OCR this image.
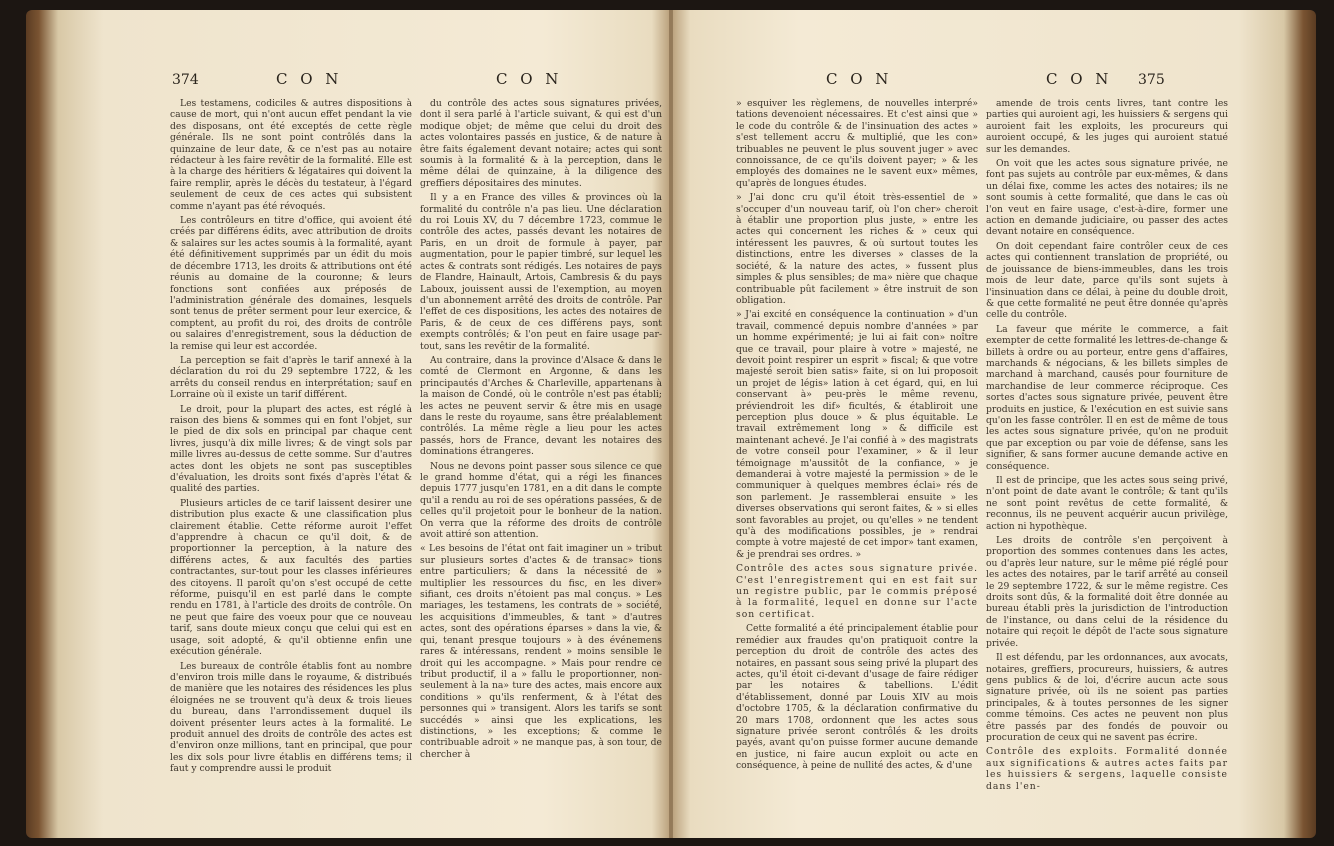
374	C O N	C O N

Les testamens, codiciles & autres dispositions à cause de mort, qui n'ont aucun effet pendant la vie des disposans, ont été exceptés de cette règle générale. Ils ne sont point contrôlés dans la quinzaine de leur date, & ce n'est pas au notaire rédacteur à les faire revêtir de la formalité. Elle est à la charge des héritiers & légataires qui doivent la faire remplir, après le décès du testateur, à l'égard seulement de ceux de ces actes qui subsistent comme n'ayant pas été révoqués.

Les contrôleurs en titre d'office, qui avoient été créés par différens édits, avec attribution de droits & salaires sur les actes soumis à la formalité, ayant été définitivement supprimés par un édit du mois de décembre 1713, les droits & attributions ont été réunis au domaine de la couronne; & leurs fonctions sont confiées aux préposés de l'administration générale des domaines, lesquels sont tenus de prêter serment pour leur exercice, & comptent, au profit du roi, des droits de contrôle ou salaires d'enregistrement, sous la déduction de la remise qui leur est accordée.

La perception se fait d'après le tarif annexé à la déclaration du roi du 29 septembre 1722, & les arrêts du conseil rendus en interprétation; sauf en Lorraine où il existe un tarif différent.

Le droit, pour la plupart des actes, est réglé à raison des biens & sommes qui en font l'objet, sur le pied de dix sols en principal par chaque cent livres, jusqu'à dix mille livres; & de vingt sols par mille livres au-dessus de cette somme. Sur d'autres actes dont les objets ne sont pas susceptibles d'évaluation, les droits sont fixés d'après l'état & qualité des parties.

Plusieurs articles de ce tarif laissent desirer une distribution plus exacte & une classification plus clairement établie. Cette réforme auroit l'effet d'apprendre à chacun ce qu'il doit, & de proportionner la perception, à la nature des différens actes, & aux facultés des parties contractantes, sur-tout pour les classes inférieures des citoyens. Il paroît qu'on s'est occupé de cette réforme, puisqu'il en est parlé dans le compte rendu en 1781, à l'article des droits de contrôle. On ne peut que faire des voeux pour que ce nouveau tarif, sans doute mieux conçu que celui qui est en usage, soit adopté, & qu'il obtienne enfin une exécution générale.

Les bureaux de contrôle établis font au nombre d'environ trois mille dans le royaume, & distribués de manière que les notaires des résidences les plus éloignées ne se trouvent qu'à deux & trois lieues du bureau, dans l'arrondissement duquel ils doivent présenter leurs actes à la formalité. Le produit annuel des droits de contrôle des actes est d'environ onze millions, tant en principal, que pour les dix sols pour livre établis en différens tems; il faut y comprendre aussi le produit

du contrôle des actes sous signatures privées, dont il sera parlé à l'article suivant, & qui est d'un modique objet; de même que celui du droit des actes volontaires passés en justice, & de nature à être faits également devant notaire; actes qui sont soumis à la formalité & à la perception, dans le même délai de quinzaine, à la diligence des greffiers dépositaires des minutes.

Il y a en France des villes & provinces où la formalité du contrôle n'a pas lieu. Une déclaration du roi Louis XV, du 7 décembre 1723, commue le contrôle des actes, passés devant les notaires de Paris, en un droit de formule à payer, par augmentation, pour le papier timbré, sur lequel les actes & contrats sont rédigés. Les notaires de pays de Flandre, Hainault, Artois, Cambresis & du pays Laboux, jouissent aussi de l'exemption, au moyen d'un abonnement arrêté des droits de contrôle. Par l'effet de ces dispositions, les actes des notaires de Paris, & de ceux de ces différens pays, sont exempts contrôlés; & l'on peut en faire usage par-tout, sans les revêtir de la formalité.

Au contraire, dans la province d'Alsace & dans le comté de Clermont en Argonne, & dans les principautés d'Arches & Charleville, appartenans à la maison de Condé, où le contrôle n'est pas établi; les actes ne peuvent servir & être mis en usage dans le reste du royaume, sans être préalablement contrôlés. La même règle a lieu pour les actes passés, hors de France, devant les notaires des dominations étrangeres.

Nous ne devons point passer sous silence ce que le grand homme d'état, qui a régi les finances depuis 1777 jusqu'en 1781, en a dit dans le compte qu'il a rendu au roi de ses opérations passées, & de celles qu'il projetoit pour le bonheur de la nation. On verra que la réforme des droits de contrôle avoit attiré son attention.

« Les besoins de l'état ont fait imaginer un » tribut sur plusieurs sortes d'actes & de transac» tions entre particuliers; & dans la nécessité de » multiplier les ressources du fisc, en les diver» sifiant, ces droits n'étoient pas mal conçus. » Les mariages, les testamens, les contrats de » société, les acquisitions d'immeubles, & tant » d'autres actes, sont des opérations éparses » dans la vie, & qui, tenant presque toujours » à des événemens rares & intéressans, rendent » moins sensible le droit qui les accompagne. » Mais pour rendre ce tribut productif, il a » fallu le proportionner, non-seulement à la na» ture des actes, mais encore aux conditions » qu'ils renferment, & à l'état des personnes qui » transigent. Alors les tarifs se sont succédés » ainsi que les explications, les distinctions, » les exceptions; & comme le contribuable adroit » ne manque pas, à son tour, de chercher à

C O N	C O N 375

» esquiver les règlemens, de nouvelles interpré» tations devenoient nécessaires. Et c'est ainsi que » le code du contrôle & de l'insinuation des actes » s'est tellement accru & multiplié, que les con» tribuables ne peuvent le plus souvent juger » avec connoissance, de ce qu'ils doivent payer; » & les employés des domaines ne le savent eux» mêmes, qu'après de longues études.

» J'ai donc cru qu'il étoit très-essentiel de » s'occuper d'un nouveau tarif, où l'on cher» cheroit à établir une proportion plus juste, » entre les actes qui concernent les riches & » ceux qui intéressent les pauvres, & où surtout toutes les distinctions, entre les diverses » classes de la société, & la nature des actes, » fussent plus simples & plus sensibles; de ma» nière que chaque contribuable pût facilement » être instruit de son obligation.

» J'ai excité en conséquence la continuation » d'un travail, commencé depuis nombre d'années » par un homme expérimenté; je lui ai fait con» noître que ce travail, pour plaire à votre » majesté, ne devoit point respirer un esprit » fiscal; & que votre majesté seroit bien satis» faite, si on lui proposoit un projet de légis» lation à cet égard, qui, en lui conservant à» peu-près le même revenu, préviendroit les dif» ficultés, & établiroit une perception plus douce » & plus équitable. Le travail extrêmement long » & difficile est maintenant achevé. Je l'ai confié à » des magistrats de votre conseil pour l'examiner, » & il leur témoignage m'aussitôt de la confiance, » je demanderai à votre majesté la permission » de le communiquer à quelques membres éclai» rés de son parlement. Je rassemblerai ensuite » les diverses observations qui seront faites, & » si elles sont favorables au projet, ou qu'elles » ne tendent qu'à des modifications possibles, je » rendrai compte à votre majesté de cet impor» tant examen, & je prendrai ses ordres. »

Contrôle des actes sous signature privée. C'est l'enregistrement qui en est fait sur un registre public, par le commis préposé à la formalité, lequel en donne sur l'acte son certificat.

Cette formalité a été principalement établie pour remédier aux fraudes qu'on pratiquoit contre la perception du droit de contrôle des actes des notaires, en passant sous seing privé la plupart des actes, qu'il étoit ci-devant d'usage de faire rédiger par les notaires & tabellions. L'édit d'établissement, donné par Louis XIV au mois d'octobre 1705, & la déclaration confirmative du 20 mars 1708, ordonnent que les actes sous signature privée seront contrôlés & les droits payés, avant qu'on puisse former aucune demande en justice, ni faire aucun exploit ou acte en conséquence, à peine de nullité des actes, & d'une

amende de trois cents livres, tant contre les parties qui auroient agi, les huissiers & sergens qui auroient fait les exploits, les procureurs qui auroient occupé, & les juges qui auroient statué sur les demandes.

On voit que les actes sous signature privée, ne font pas sujets au contrôle par eux-mêmes, & dans un délai fixe, comme les actes des notaires; ils ne sont soumis à cette formalité, que dans le cas où l'on veut en faire usage, c'est-à-dire, former une action en demande judiciaire, ou passer des actes devant notaire en conséquence.

On doit cependant faire contrôler ceux de ces actes qui contiennent translation de propriété, ou de jouissance de biens-immeubles, dans les trois mois de leur date, parce qu'ils sont sujets à l'insinuation dans ce délai, à peine du double droit, & que cette formalité ne peut être donnée qu'après celle du contrôle.

La faveur que mérite le commerce, a fait exempter de cette formalité les lettres-de-change & billets à ordre ou au porteur, entre gens d'affaires, marchands & négocians, & les billets simples de marchand à marchand, causés pour fourniture de marchandise de leur commerce réciproque. Ces sortes d'actes sous signature privée, peuvent être produits en justice, & l'exécution en est suivie sans qu'on les fasse contrôler. Il en est de même de tous les actes sous signature privée, qu'on ne produit que par exception ou par voie de défense, sans les signifier, & sans former aucune demande active en conséquence.

Il est de principe, que les actes sous seing privé, n'ont point de date avant le contrôle; & tant qu'ils ne sont point revêtus de cette formalité, & reconnus, ils ne peuvent acquérir aucun privilège, action ni hypothèque.

Les droits de contrôle s'en perçoivent à proportion des sommes contenues dans les actes, ou d'après leur nature, sur le même pié réglé pour les actes des notaires, par le tarif arrêté au conseil le 29 septembre 1722, & sur le même registre. Ces droits sont dûs, & la formalité doit être donnée au bureau établi près la jurisdiction de l'introduction de l'instance, ou dans celui de la résidence du notaire qui reçoit le dépôt de l'acte sous signature privée.

Il est défendu, par les ordonnances, aux avocats, notaires, greffiers, procureurs, huissiers, & autres gens publics & de loi, d'écrire aucun acte sous signature privée, où ils ne soient pas parties principales, & à toutes personnes de les signer comme témoins. Ces actes ne peuvent non plus être passés par des fondés de pouvoir ou procuration de ceux qui ne savent pas écrire.

Contrôle des exploits. Formalité donnée aux significations & autres actes faits par les huissiers & sergens, laquelle consiste dans l'en-
